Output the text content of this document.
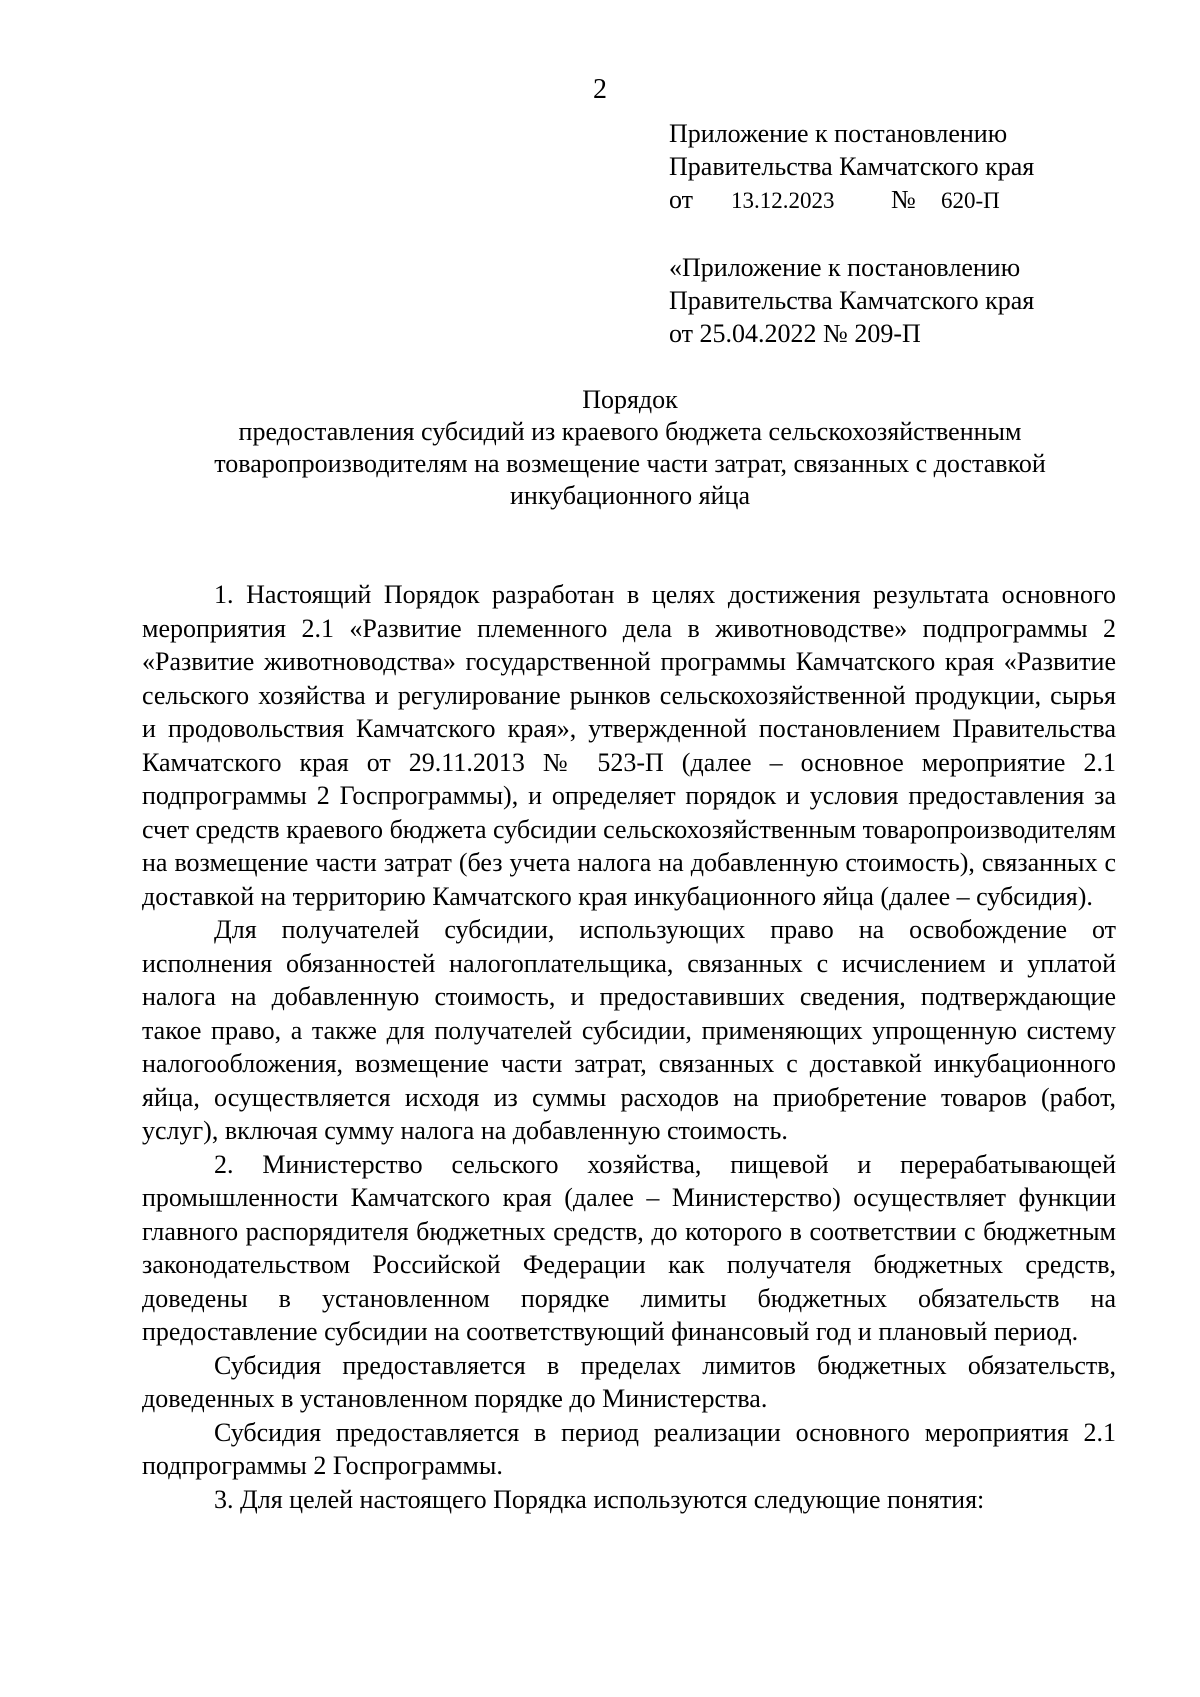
2
Приложение к постановлению
Правительства Камчатского края
от 13.12.2023 № 620-П
«Приложение к постановлению
Правительства Камчатского края
от 25.04.2022 № 209-П
Порядок
предоставления субсидий из краевого бюджета сельскохозяйственным
товаропроизводителям на возмещение части затрат, связанных с доставкой
инкубационного яйца

1. Настоящий Порядок разработан в целях достижения результата основного мероприятия 2.1 «Развитие племенного дела в животноводстве» подпрограммы 2 «Развитие животноводства» государственной программы Камчатского края «Развитие сельского хозяйства и регулирование рынков сельскохозяйственной продукции, сырья и продовольствия Камчатского края», утвержденной постановлением Правительства Камчатского края от 29.11.2013 № 523-П (далее – основное мероприятие 2.1 подпрограммы 2 Госпрограммы), и определяет порядок и условия предоставления за счет средств краевого бюджета субсидии сельскохозяйственным товаропроизводителям на возмещение части затрат (без учета налога на добавленную стоимость), связанных с доставкой на территорию Камчатского края инкубационного яйца (далее – субсидия).

Для получателей субсидии, использующих право на освобождение от исполнения обязанностей налогоплательщика, связанных с исчислением и уплатой налога на добавленную стоимость, и предоставивших сведения, подтверждающие такое право, а также для получателей субсидии, применяющих упрощенную систему налогообложения, возмещение части затрат, связанных с доставкой инкубационного яйца, осуществляется исходя из суммы расходов на приобретение товаров (работ, услуг), включая сумму налога на добавленную стоимость.

2. Министерство сельского хозяйства, пищевой и перерабатывающей промышленности Камчатского края (далее – Министерство) осуществляет функции главного распорядителя бюджетных средств, до которого в соответствии с бюджетным законодательством Российской Федерации как получателя бюджетных средств, доведены в установленном порядке лимиты бюджетных обязательств на предоставление субсидии на соответствующий финансовый год и плановый период.

Субсидия предоставляется в пределах лимитов бюджетных обязательств, доведенных в установленном порядке до Министерства.

Субсидия предоставляется в период реализации основного мероприятия 2.1 подпрограммы 2 Госпрограммы.

3. Для целей настоящего Порядка используются следующие понятия:
